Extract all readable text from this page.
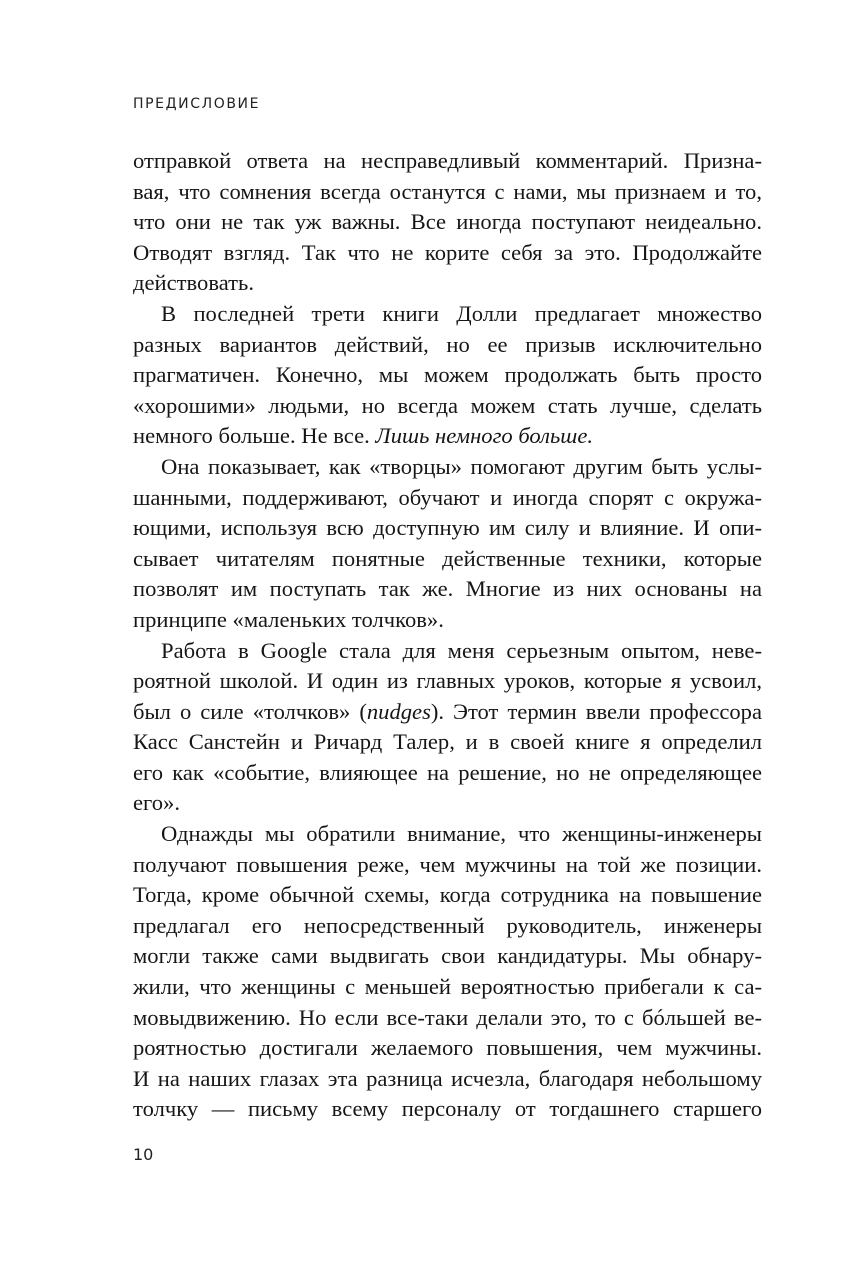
ПРЕДИСЛОВИЕ
отправкой ответа на несправедливый комментарий. Призна-
вая, что сомнения всегда останутся с нами, мы признаем и то,
что они не так уж важны. Все иногда поступают неидеально.
Отводят взгляд. Так что не корите себя за это. Продолжайте
действовать.
В последней трети книги Долли предлагает множество
разных вариантов действий, но ее призыв исключительно
прагматичен. Конечно, мы можем продолжать быть просто
«хорошими» людьми, но всегда можем стать лучше, сделать
немного больше. Не все. Лишь немного больше.
Она показывает, как «творцы» помогают другим быть услы-
шанными, поддерживают, обучают и иногда спорят с окружа-
ющими, используя всю доступную им силу и влияние. И опи-
сывает читателям понятные действенные техники, которые
позволят им поступать так же. Многие из них основаны на
принципе «маленьких толчков».
Работа в Google стала для меня серьезным опытом, неве-
роятной школой. И один из главных уроков, которые я усвоил,
был о силе «толчков» (nudges). Этот термин ввели профессора
Касс Санстейн и Ричард Талер, и в своей книге я определил
его как «событие, влияющее на решение, но не определяющее
его».
Однажды мы обратили внимание, что женщины-инженеры
получают повышения реже, чем мужчины на той же позиции.
Тогда, кроме обычной схемы, когда сотрудника на повышение
предлагал его непосредственный руководитель, инженеры
могли также сами выдвигать свои кандидатуры. Мы обнару-
жили, что женщины с меньшей вероятностью прибегали к са-
мовыдвижению. Но если все-таки делали это, то с бóльшей ве-
роятностью достигали желаемого повышения, чем мужчины.
И на наших глазах эта разница исчезла, благодаря небольшому
толчку — письму всему персоналу от тогдашнего старшего
10
